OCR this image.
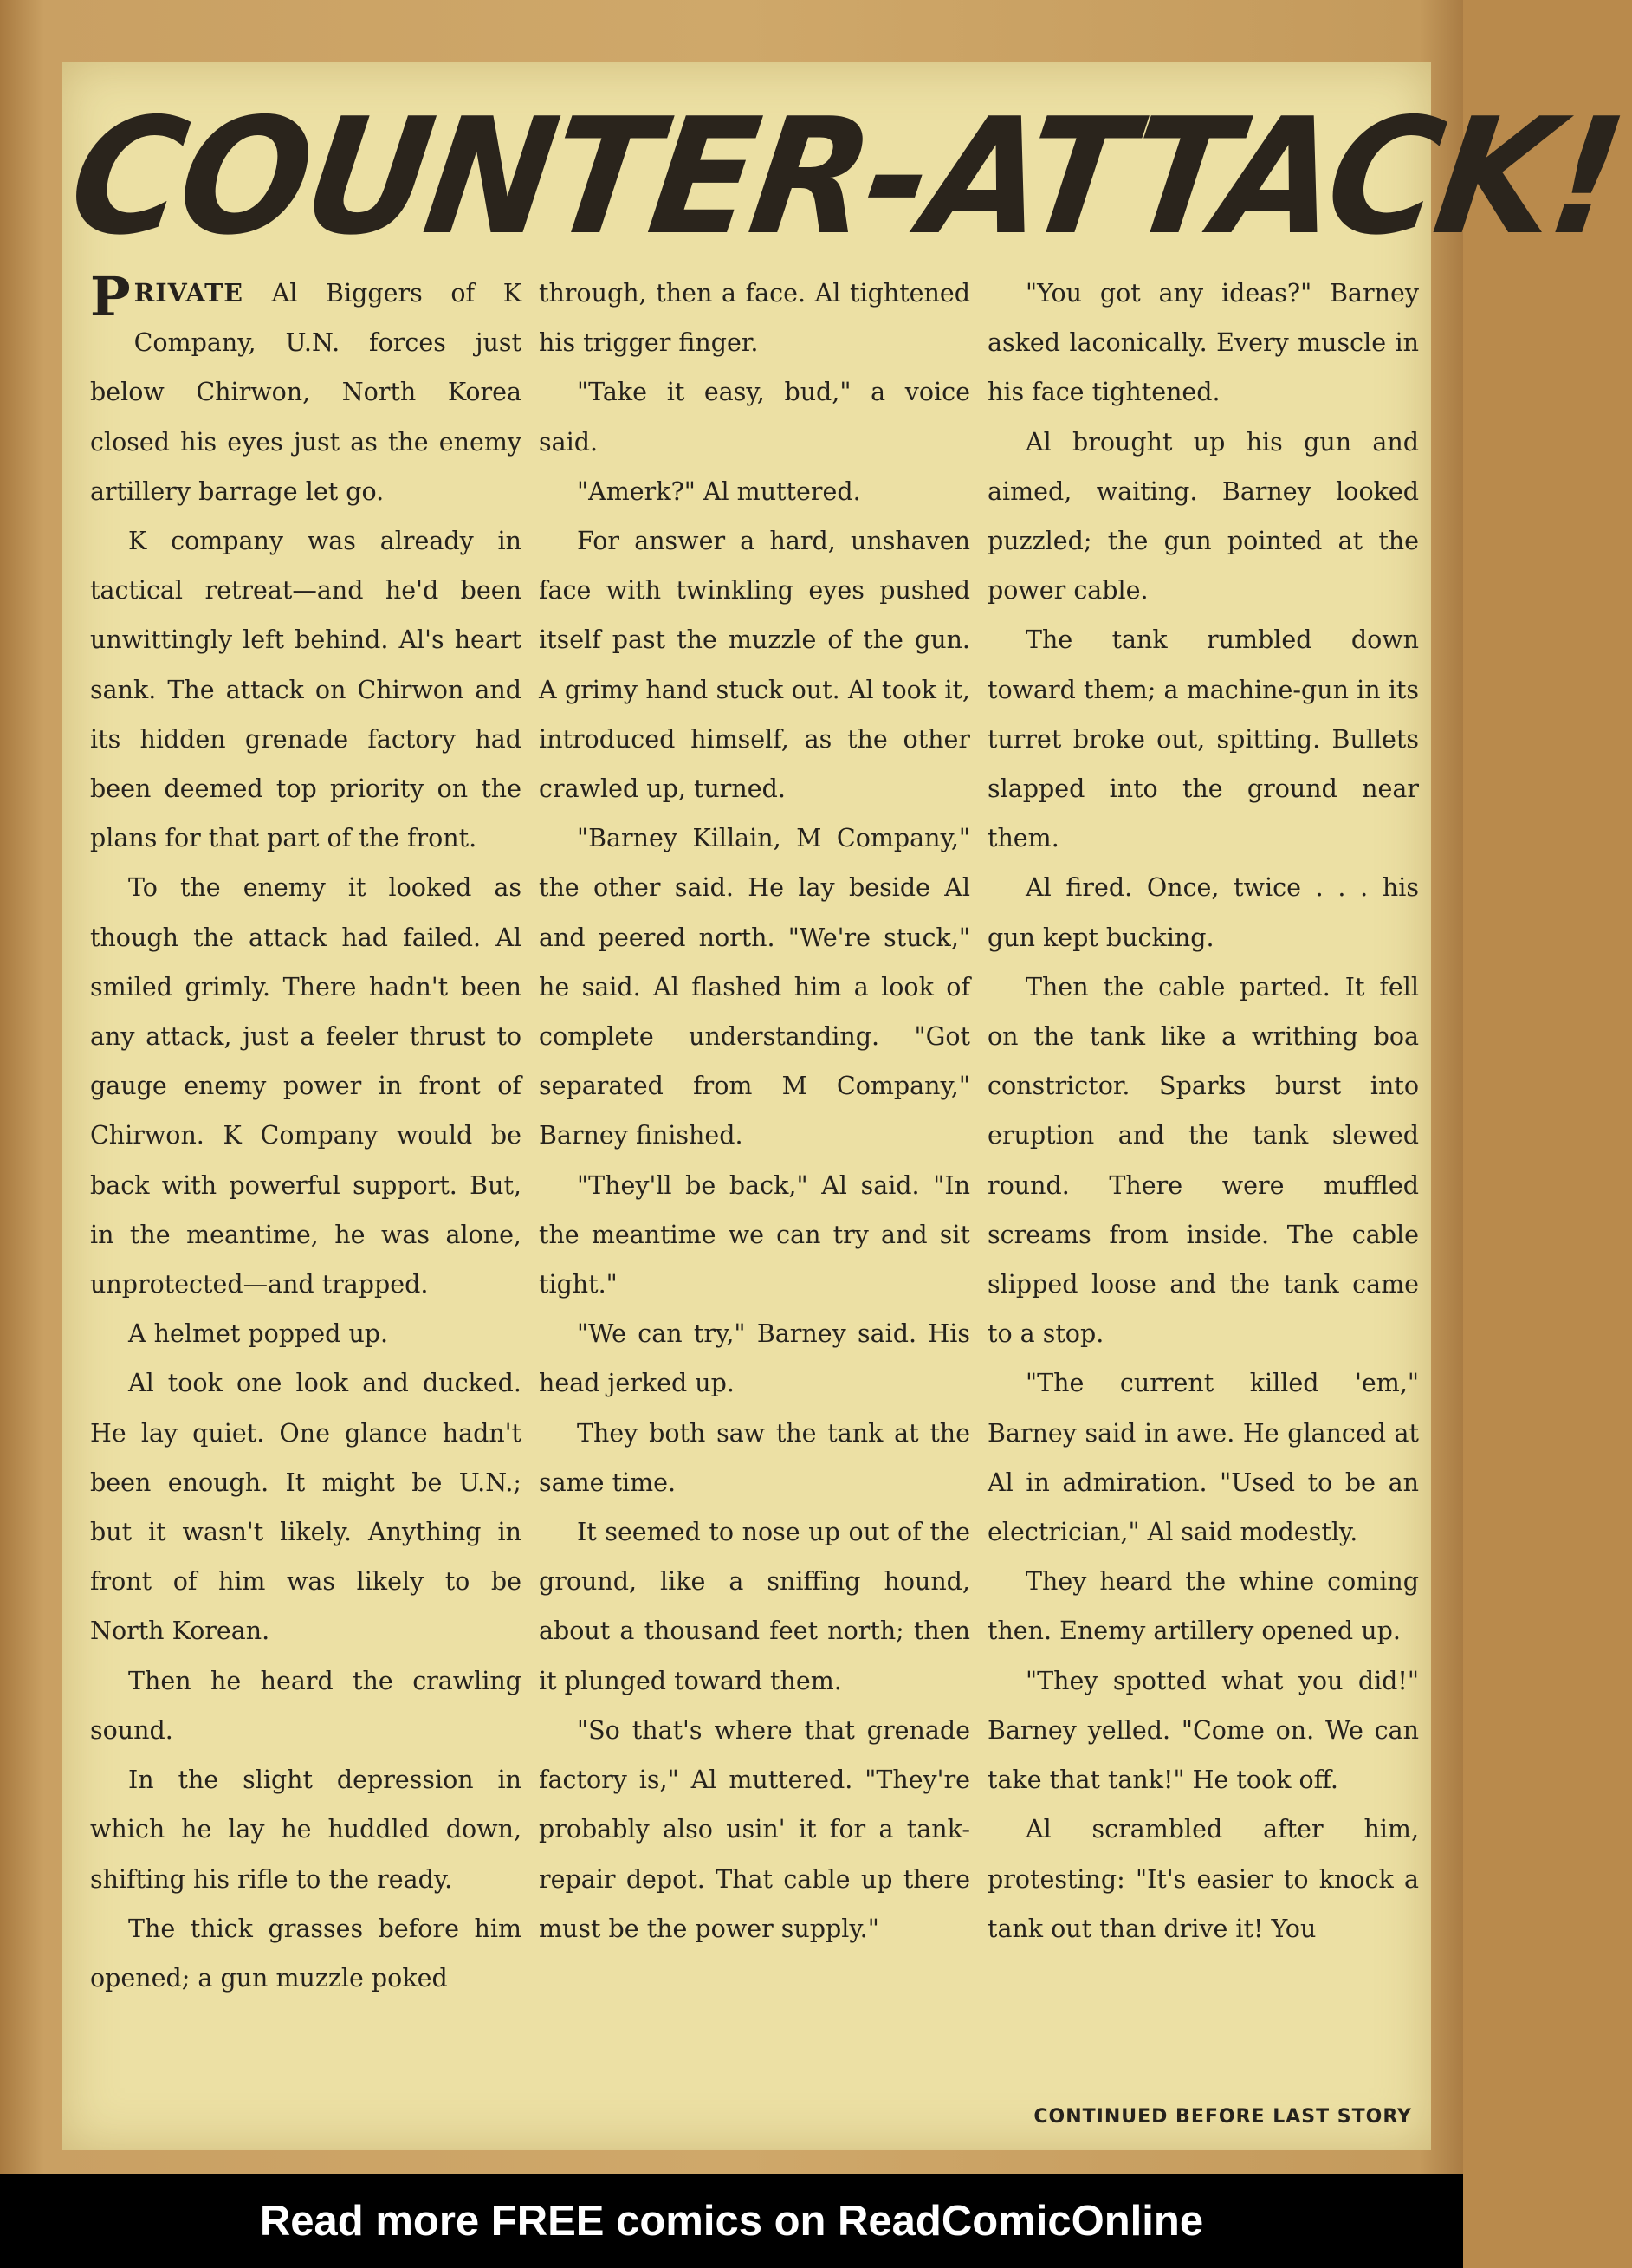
COUNTER-ATTACK!

PRIVATE Al Biggers of K Company, U.N. forces just below Chirwon, North Korea closed his eyes just as the enemy artillery barrage let go.

K company was already in tactical retreat—and he'd been unwittingly left behind. Al's heart sank. The attack on Chirwon and its hidden grenade factory had been deemed top priority on the plans for that part of the front.

To the enemy it looked as though the attack had failed. Al smiled grimly. There hadn't been any attack, just a feeler thrust to gauge enemy power in front of Chirwon. K Company would be back with powerful support. But, in the meantime, he was alone, unprotected—and trapped.

A helmet popped up.

Al took one look and ducked. He lay quiet. One glance hadn't been enough. It might be U.N.; but it wasn't likely. Anything in front of him was likely to be North Korean.

Then he heard the crawling sound.

In the slight depression in which he lay he huddled down, shifting his rifle to the ready.

The thick grasses before him opened; a gun muzzle poked

through, then a face. Al tightened his trigger finger.

"Take it easy, bud," a voice said.

"Amerk?" Al muttered.

For answer a hard, unshaven face with twinkling eyes pushed itself past the muzzle of the gun. A grimy hand stuck out. Al took it, introduced himself, as the other crawled up, turned.

"Barney Killain, M Company," the other said. He lay beside Al and peered north. "We're stuck," he said. Al flashed him a look of complete understanding. "Got separated from M Company," Barney finished.

"They'll be back," Al said. "In the meantime we can try and sit tight."

"We can try," Barney said. His head jerked up.

They both saw the tank at the same time.

It seemed to nose up out of the ground, like a sniffing hound, about a thousand feet north; then it plunged toward them.

"So that's where that grenade factory is," Al muttered. "They're probably also usin' it for a tank-repair depot. That cable up there must be the power supply."

"You got any ideas?" Barney asked laconically. Every muscle in his face tightened.

Al brought up his gun and aimed, waiting. Barney looked puzzled; the gun pointed at the power cable.

The tank rumbled down toward them; a machine-gun in its turret broke out, spitting. Bullets slapped into the ground near them.

Al fired. Once, twice . . . his gun kept bucking.

Then the cable parted. It fell on the tank like a writhing boa constrictor. Sparks burst into eruption and the tank slewed round. There were muffled screams from inside. The cable slipped loose and the tank came to a stop.

"The current killed 'em," Barney said in awe. He glanced at Al in admiration. "Used to be an electrician," Al said modestly.

They heard the whine coming then. Enemy artillery opened up.

"They spotted what you did!" Barney yelled. "Come on. We can take that tank!" He took off.

Al scrambled after him, protesting: "It's easier to knock a tank out than drive it! You

CONTINUED BEFORE LAST STORY

Read more FREE comics on ReadComicOnline
